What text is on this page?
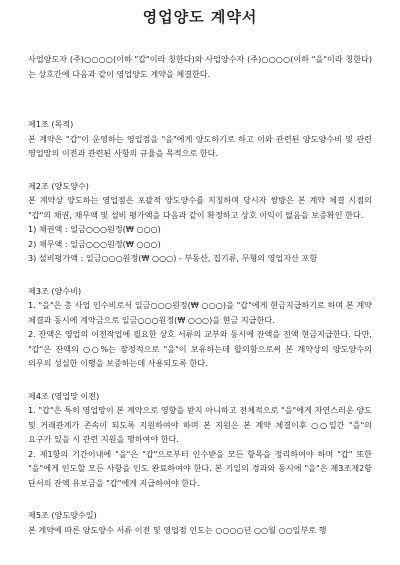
영업양도 계약서

사업양도자 (주)○○○○(이하 "갑"이라 칭한다)와 사업양수자 (주)○○○○(이하 "을"이라 칭한다)는 상호간에 다음과 같이 영업양도 계약을 체결한다.

제1조 (목적)

본 계약은 "갑"이 운영하는 영업점을 "을"에게 양도하기로 하고 이와 관련된 양도양수비 및 관련 영업망의 이전과 관련된 사항의 규율을 목적으로 한다.

제2조 (양도양수)

본 계약상 양도하는 영업점은 포괄적 양도양수를 지칭하며 당시자 쌍방은 본 계약 체결 시점의 "갑"의 채권, 채무액 및 설비 평가액을 다음과 같이 확정하고 상호 이익이 없음을 보증확인 한다.

1) 채권액 : 일금○○○원정(₩ ○○○)

2) 채무액 : 일금○○○원정(₩ ○○○)

3) 설비평가액 : 일금○○○원정(₩ ○○○) - 부동산, 집기류, 무형의 영업자산 포함

제3조 (양수비)

1. "을"은 총 사업 인수비로서 일금○○○원정(₩ ○○○)을 "갑"에게 현금지급하기로 하며 본 계약 체결과 동시에 계약금으로 일금○○○원정(₩ ○○○)을 현금 지급한다.

2. 잔액은 영업의 이전작업에 필요한 상호 서류의 교부와 동시에 잔액을 전액 현금지급한다. 다만, "갑"은 잔액의 ○○%는 잠정적으로 "을"이 보유하는데 합의함으로써 본 계약상의 양도양수의 의무의 성실한 이행을 보증하는데 사용되도록 한다.

제4조 (영업망 이전)

1. "갑"은 특히 영업망이 본 계약으로 영향을 받지 아니하고 전체적으로 "을"에게 자연스러운 양도 및 거래관계가 존속이 되도록 지원하여야 하며 본 지원은 본 계약 체결이후 ○○일간 "을"의 요구가 있을 시 관련 지원을 행하여야 한다.

2. 제1항의 기간이내에 "을"은 "갑"으로부터 인수받을 모든 항목을 정리하여야 하며 "갑" 또한 "을"에게 인도할 모든 사항을 인도 완료하여야 한다. 본 기일의 경과와 동시에 "을"은 제3조제2항 단서의 잔액 유보금을 "갑"에게 지급하여야 한다.

제5조 (양도양수일)

본 계약에 따른 양도양수 서류 이전 및 영업점 인도는 ○○○○년 ○○월 ○○일부로 행
